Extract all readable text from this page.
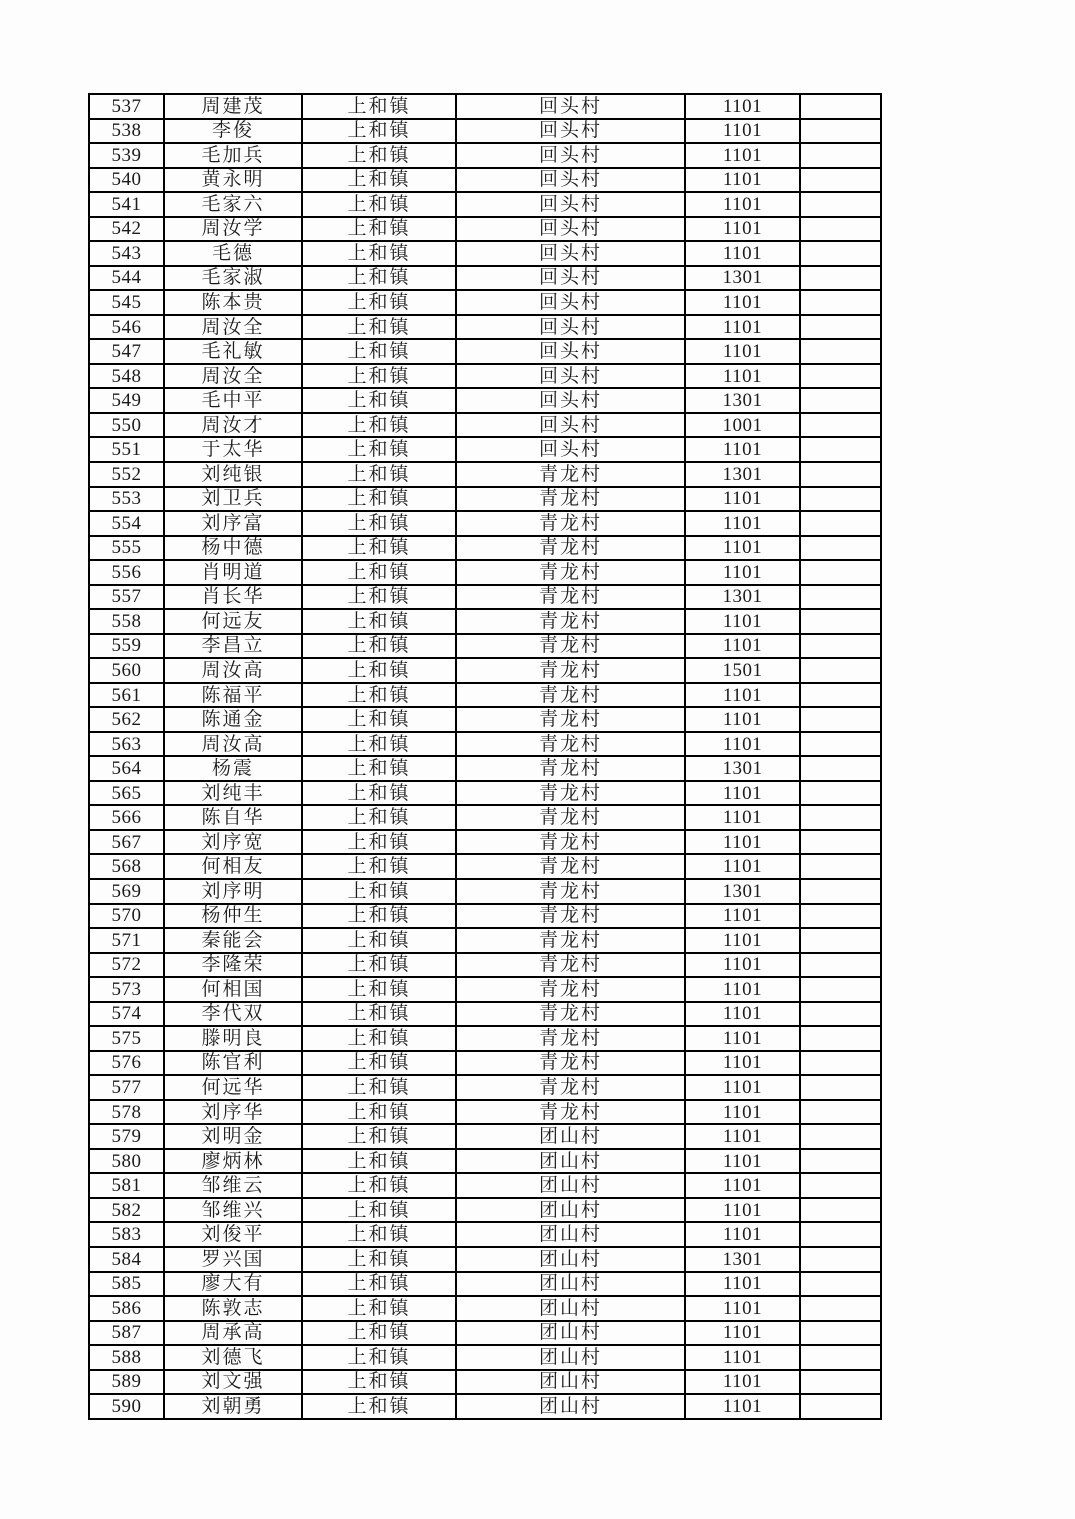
537	周建茂	上和镇	回头村	1101	
538	李俊	上和镇	回头村	1101	
539	毛加兵	上和镇	回头村	1101	
540	黄永明	上和镇	回头村	1101	
541	毛家六	上和镇	回头村	1101	
542	周汝学	上和镇	回头村	1101	
543	毛德	上和镇	回头村	1101	
544	毛家淑	上和镇	回头村	1301	
545	陈本贵	上和镇	回头村	1101	
546	周汝全	上和镇	回头村	1101	
547	毛礼敏	上和镇	回头村	1101	
548	周汝全	上和镇	回头村	1101	
549	毛中平	上和镇	回头村	1301	
550	周汝才	上和镇	回头村	1001	
551	于太华	上和镇	回头村	1101	
552	刘纯银	上和镇	青龙村	1301	
553	刘卫兵	上和镇	青龙村	1101	
554	刘序富	上和镇	青龙村	1101	
555	杨中德	上和镇	青龙村	1101	
556	肖明道	上和镇	青龙村	1101	
557	肖长华	上和镇	青龙村	1301	
558	何远友	上和镇	青龙村	1101	
559	李昌立	上和镇	青龙村	1101	
560	周汝高	上和镇	青龙村	1501	
561	陈福平	上和镇	青龙村	1101	
562	陈通金	上和镇	青龙村	1101	
563	周汝高	上和镇	青龙村	1101	
564	杨震	上和镇	青龙村	1301	
565	刘纯丰	上和镇	青龙村	1101	
566	陈自华	上和镇	青龙村	1101	
567	刘序宽	上和镇	青龙村	1101	
568	何相友	上和镇	青龙村	1101	
569	刘序明	上和镇	青龙村	1301	
570	杨仲生	上和镇	青龙村	1101	
571	秦能会	上和镇	青龙村	1101	
572	李隆荣	上和镇	青龙村	1101	
573	何相国	上和镇	青龙村	1101	
574	李代双	上和镇	青龙村	1101	
575	滕明良	上和镇	青龙村	1101	
576	陈官利	上和镇	青龙村	1101	
577	何远华	上和镇	青龙村	1101	
578	刘序华	上和镇	青龙村	1101	
579	刘明金	上和镇	团山村	1101	
580	廖炳林	上和镇	团山村	1101	
581	邹维云	上和镇	团山村	1101	
582	邹维兴	上和镇	团山村	1101	
583	刘俊平	上和镇	团山村	1101	
584	罗兴国	上和镇	团山村	1301	
585	廖大有	上和镇	团山村	1101	
586	陈敦志	上和镇	团山村	1101	
587	周承高	上和镇	团山村	1101	
588	刘德飞	上和镇	团山村	1101	
589	刘文强	上和镇	团山村	1101	
590	刘朝勇	上和镇	团山村	1101	
